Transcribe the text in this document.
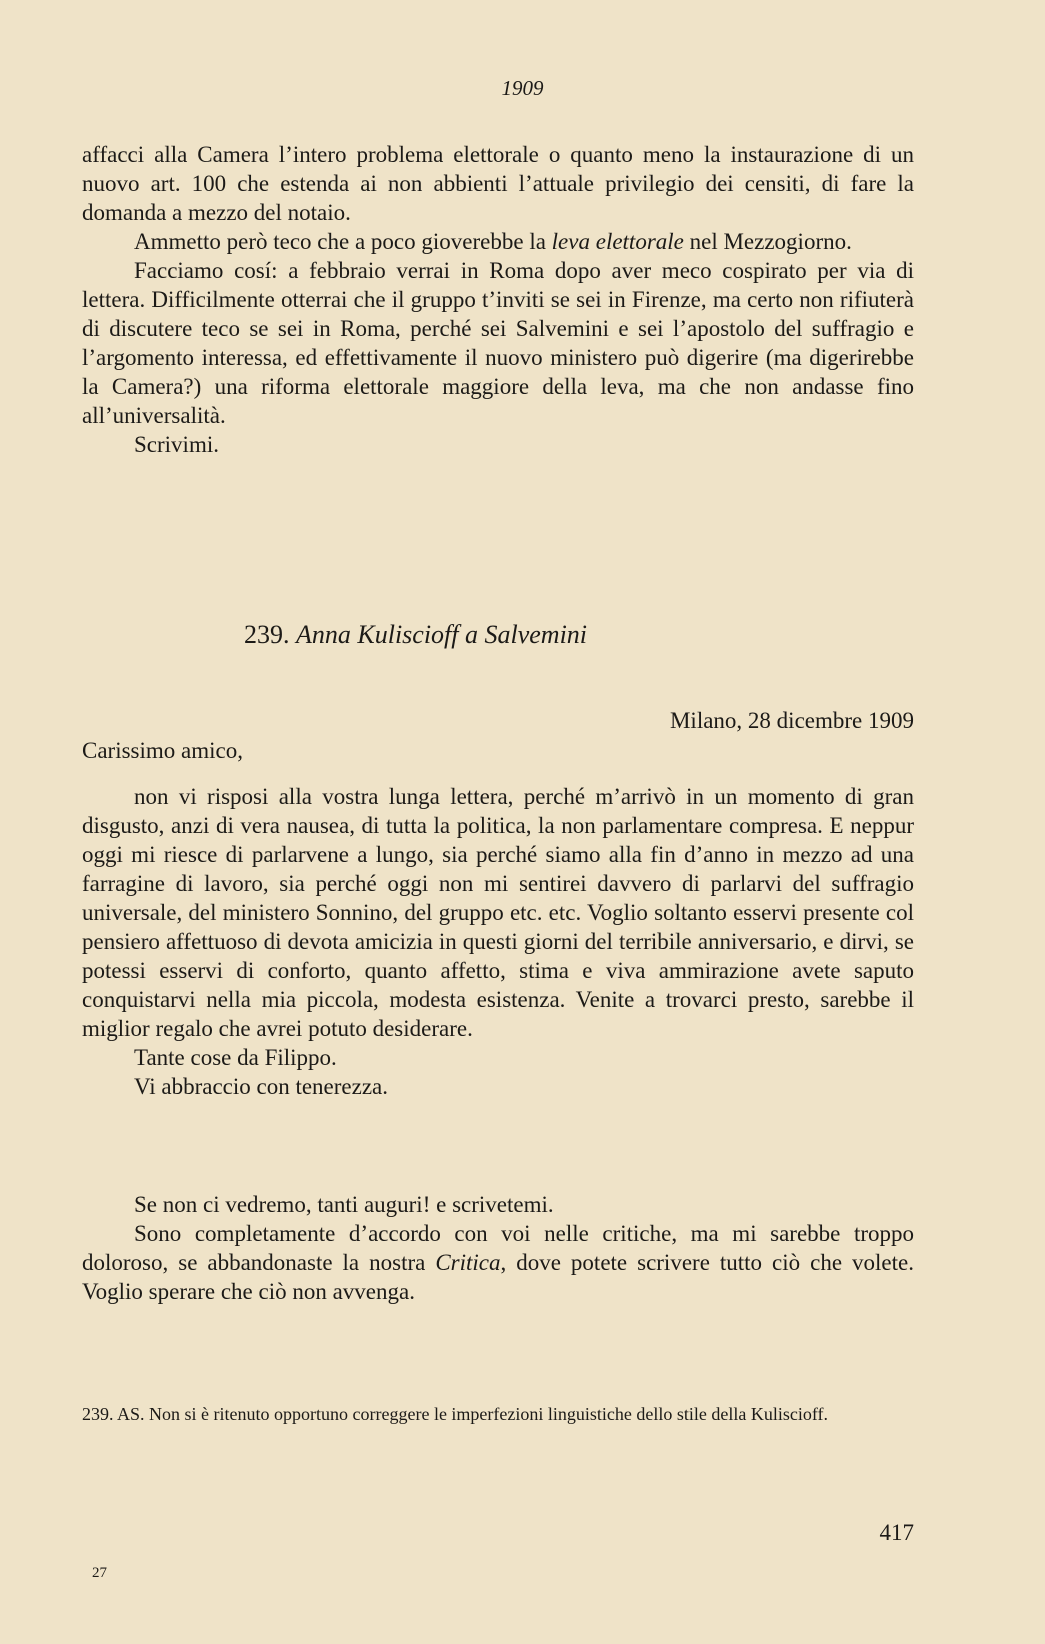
1909

affacci alla Camera l’intero problema elettorale o quanto meno la instaurazione di un nuovo art. 100 che estenda ai non abbienti l’attuale privilegio dei censiti, di fare la domanda a mezzo del notaio.

Ammetto però teco che a poco gioverebbe la leva elettorale nel Mezzogiorno.

Facciamo cosí: a febbraio verrai in Roma dopo aver meco cospirato per via di lettera. Difficilmente otterrai che il gruppo t’inviti se sei in Firenze, ma certo non rifiuterà di discutere teco se sei in Roma, perché sei Salvemini e sei l’apostolo del suffragio e l’argomento interessa, ed effettivamente il nuovo ministero può digerire (ma digerirebbe la Camera?) una riforma elettorale maggiore della leva, ma che non andasse fino all’universalità.

Scrivimi.

239. Anna Kuliscioff a Salvemini
Milano, 28 dicembre 1909
Carissimo amico,

non vi risposi alla vostra lunga lettera, perché m’arrivò in un momento di gran disgusto, anzi di vera nausea, di tutta la politica, la non parlamentare compresa. E neppur oggi mi riesce di parlarvene a lungo, sia perché siamo alla fin d’anno in mezzo ad una farragine di lavoro, sia perché oggi non mi sentirei davvero di parlarvi del suffragio universale, del ministero Sonnino, del gruppo etc. etc. Voglio soltanto esservi presente col pensiero affettuoso di devota amicizia in questi giorni del terribile anniversario, e dirvi, se potessi esservi di conforto, quanto affetto, stima e viva ammirazione avete saputo conquistarvi nella mia piccola, modesta esistenza. Venite a trovarci presto, sarebbe il miglior regalo che avrei potuto desiderare.

Tante cose da Filippo.

Vi abbraccio con tenerezza.

Se non ci vedremo, tanti auguri! e scrivetemi.

Sono completamente d’accordo con voi nelle critiche, ma mi sarebbe troppo doloroso, se abbandonaste la nostra Critica, dove potete scrivere tutto ciò che volete. Voglio sperare che ciò non avvenga.

239. AS. Non si è ritenuto opportuno correggere le imperfezioni linguistiche dello stile della Kuliscioff.
417
27
